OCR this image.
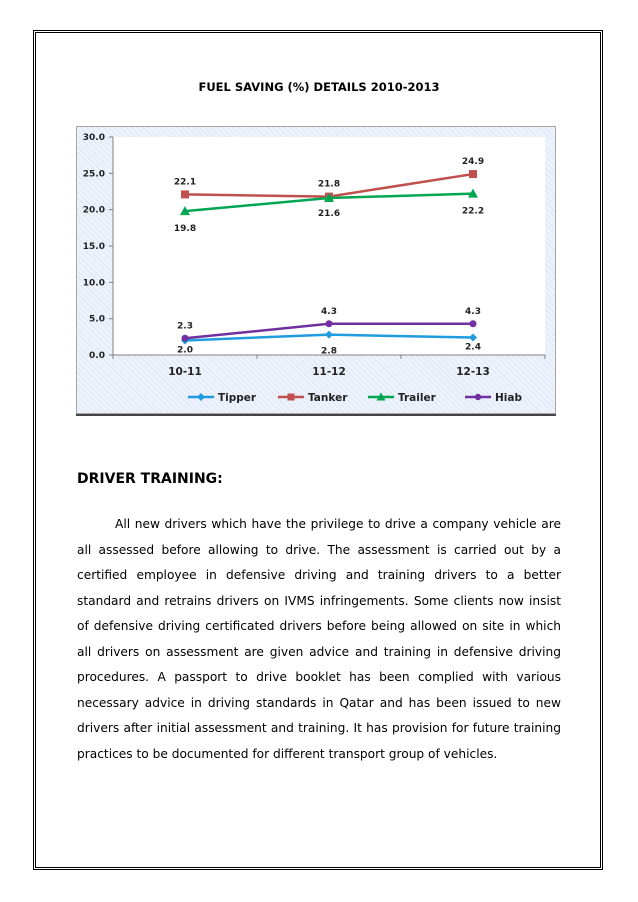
FUEL SAVING (%) DETAILS 2010-2013
0.0
5.0
10.0
15.0
20.0
25.0
30.0
10-11	11-12	12-13
2.0	2.8	2.4
22.1	21.8
24.9
19.8
21.6	22.2
2.3
4.3	4.3
Tipper	Tanker	Trailer	Hiab
DRIVER TRAINING:

All new drivers which have the privilege to drive a company vehicle are all assessed before allowing to drive. The assessment is carried out by a certified employee in defensive driving and training drivers to a better standard and retrains drivers on IVMS infringements. Some clients now insist of defensive driving certificated drivers before being allowed on site in which all drivers on assessment are given advice and training in defensive driving procedures. A passport to drive booklet has been complied with various necessary advice in driving standards in Qatar and has been issued to new drivers after initial assessment and training. It has provision for future training practices to be documented for different transport group of vehicles.
